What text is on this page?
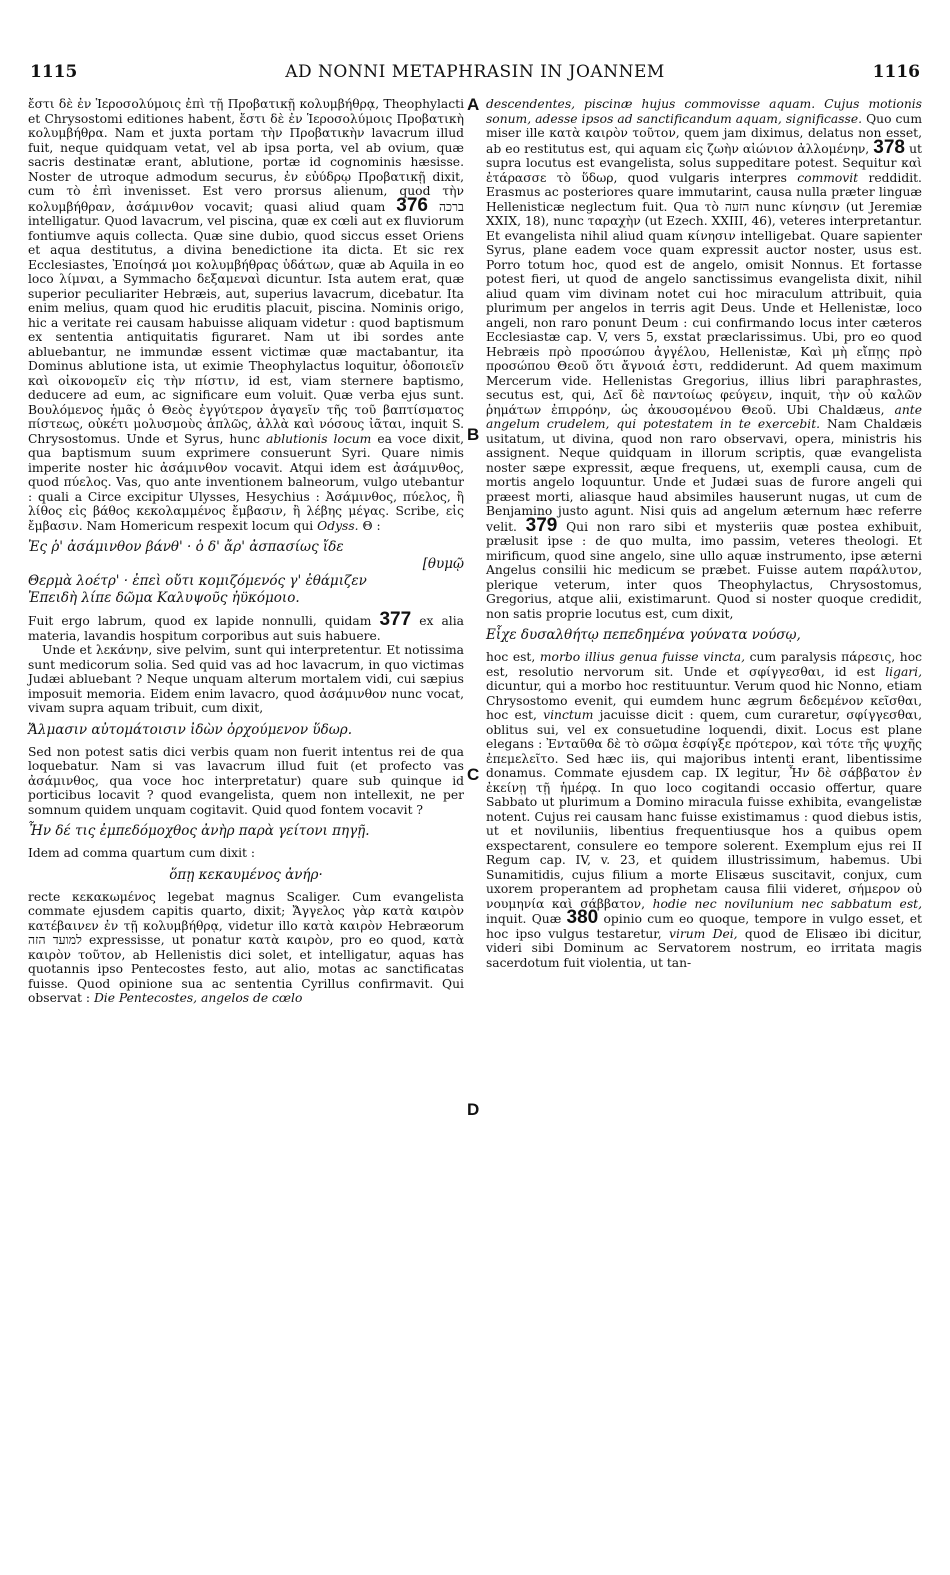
1115	AD NONNI METAPHRASIN IN JOANNEM	1116
A
B
C
D

ἔστι δὲ ἐν Ἱεροσολύμοις ἐπὶ τῇ Προβατικῇ κολυμβήθρᾳ, Theophylacti et Chrysostomi editiones habent, ἔστι δὲ ἐν Ἱεροσολύμοις Προβατικὴ κολυμβήθρα. Nam et juxta portam τὴν Προβατικὴν lavacrum illud fuit, neque quidquam vetat, vel ab ipsa porta, vel ab ovium, quæ sacris destinatæ erant, ablutione, portæ id cognominis hæsisse. Noster de utroque admodum securus, ἐν εὐύδρῳ Προβατικῇ dixit, cum τὸ ἐπὶ invenisset. Est vero prorsus alienum, quod τὴν κολυμβήθραν, ἀσάμινθον vocavit; quasi aliud quam ברכה 376 intelligatur. Quod lavacrum, vel piscina, quæ ex cœli aut ex fluviorum fontiumve aquis collecta. Quæ sine dubio, quod siccus esset Oriens et aqua destitutus, a divina benedictione ita dicta. Et sic rex Ecclesiastes, Ἐποίησά μοι κολυμβήθρας ὑδάτων, quæ ab Aquila in eo loco λίμναι, a Symmacho δεξαμεναὶ dicuntur. Ista autem erat, quæ superior peculiariter Hebræis, aut, superius lavacrum, dicebatur. Ita enim melius, quam quod hic eruditis placuit, piscina. Nominis origo, hic a veritate rei causam habuisse aliquam videtur : quod baptismum ex sententia antiquitatis figuraret. Nam ut ibi sordes ante abluebantur, ne immundæ essent victimæ quæ mactabantur, ita Dominus ablutione ista, ut eximie Theophylactus loquitur, ὁδοποιεῖν καὶ οἰκονομεῖν εἰς τὴν πίστιν, id est, viam sternere baptismo, deducere ad eum, ac significare eum voluit. Quæ verba ejus sunt. Βουλόμενος ἡμᾶς ὁ Θεὸς ἐγγύτερον ἀγαγεῖν τῆς τοῦ βαπτίσματος πίστεως, οὐκέτι μολυσμοὺς ἁπλῶς, ἀλλὰ καὶ νόσους ἰᾶται, inquit S. Chrysostomus. Unde et Syrus, hunc ablutionis locum ea voce dixit, qua baptismum suum exprimere consuerunt Syri. Quare nimis imperite noster hic ἀσάμινθον vocavit. Atqui idem est ἀσάμινθος, quod πύελος. Vas, quo ante inventionem balneorum, vulgo utebantur : quali a Circe excipitur Ulysses, Hesychius : Ἀσάμινθος, πύελος, ἢ λίθος εἰς βάθος κεκολαμμένος ἔμβασιν, ἢ λέβης μέγας. Scribe, εἰς ἔμβασιν. Nam Homericum respexit locum qui Odyss. Θ :

Ἐς ῥ' ἀσάμινθον βάνθ' · ὁ δ' ἄρ' ἀσπασίως ἴδε
[θυμῷ
Θερμὰ λοέτρ' · ἐπεὶ οὔτι κομιζόμενός γ' ἐθάμιζεν
Ἐπειδὴ λίπε δῶμα Καλυψοῦς ἠϋκόμοιο.

Fuit ergo labrum, quod ex lapide nonnulli, quidam 377 ex alia materia, lavandis hospitum corporibus aut suis habuere.

Unde et λεκάνην, sive pelvim, sunt qui interpretentur. Et notissima sunt medicorum solia. Sed quid vas ad hoc lavacrum, in quo victimas Judæi abluebant ? Neque unquam alterum mortalem vidi, cui sæpius imposuit memoria. Eidem enim lavacro, quod ἀσάμινθον nunc vocat, vivam supra aquam tribuit, cum dixit,

Ἄλμασιν αὐτομάτοισιν ἰδὼν ὀρχούμενον ὕδωρ.

Sed non potest satis dici verbis quam non fuerit intentus rei de qua loquebatur. Nam si vas lavacrum illud fuit (et profecto vas ἀσάμινθος, qua voce hoc interpretatur) quare sub quinque id porticibus locavit ? quod evangelista, quem non intellexit, ne per somnum quidem unquam cogitavit. Quid quod fontem vocavit ?

Ἦν δέ τις ἐμπεδόμοχθος ἀνὴρ παρὰ γείτονι πηγῇ.

Idem ad comma quartum cum dixit :

ὅπῃ κεκαυμένος ἀνήρ·

recte κεκακωμένος legebat magnus Scaliger. Cum evangelista commate ejusdem capitis quarto, dixit; Ἄγγελος γὰρ κατὰ καιρὸν κατέβαινεν ἐν τῇ κολυμβήθρᾳ, videtur illo κατὰ καιρὸν Hebræorum למועד הזה expressisse, ut ponatur κατὰ καιρὸν, pro eo quod, κατὰ καιρὸν τοῦτον, ab Hellenistis dici solet, et intelligatur, aquas has quotannis ipso Pentecostes festo, aut alio, motas ac sanctificatas fuisse. Quod opinione sua ac sententia Cyrillus confirmavit. Qui observat : Die Pentecostes, angelos de cœlo

descendentes, piscinæ hujus commovisse aquam. Cujus motionis sonum, adesse ipsos ad sanctificandum aquam, significasse. Quo cum miser ille κατὰ καιρὸν τοῦτον, quem jam diximus, delatus non esset, ab eo restitutus est, qui aquam εἰς ζωὴν αἰώνιον ἀλλομένην, 378 ut supra locutus est evangelista, solus suppeditare potest. Sequitur καὶ ἐτάρασσε τὸ ὕδωρ, quod vulgaris interpres commovit reddidit. Erasmus ac posteriores quare immutarint, causa nulla præter linguæ Hellenisticæ neglectum fuit. Qua τὸ הזעה nunc κίνησιν (ut Jeremiæ XXIX, 18), nunc ταραχὴν (ut Ezech. XXIII, 46), veteres interpretantur. Et evangelista nihil aliud quam κίνησιν intelligebat. Quare sapienter Syrus, plane eadem voce quam expressit auctor noster, usus est. Porro totum hoc, quod est de angelo, omisit Nonnus. Et fortasse potest fieri, ut quod de angelo sanctissimus evangelista dixit, nihil aliud quam vim divinam notet cui hoc miraculum attribuit, quia plurimum per angelos in terris agit Deus. Unde et Hellenistæ, loco angeli, non raro ponunt Deum : cui confirmando locus inter cæteros Ecclesiastæ cap. V, vers 5, exstat præclarissimus. Ubi, pro eo quod Hebræis πρὸ προσώπου ἀγγέλου, Hellenistæ, Καὶ μὴ εἴπῃς πρὸ προσώπου Θεοῦ ὅτι ἄγνοιά ἐστι, reddiderunt. Ad quem maximum Mercerum vide. Hellenistas Gregorius, illius libri paraphrastes, secutus est, qui, Δεῖ δὲ παντοίως φεύγειν, inquit, τὴν οὐ καλῶν ῥημάτων ἐπιρρόην, ὡς ἀκουσομένου Θεοῦ. Ubi Chaldæus, ante angelum crudelem, qui potestatem in te exercebit. Nam Chaldæis usitatum, ut divina, quod non raro observavi, opera, ministris his assignent. Neque quidquam in illorum scriptis, quæ evangelista noster sæpe expressit, æque frequens, ut, exempli causa, cum de mortis angelo loquuntur. Unde et Judæi suas de furore angeli qui præest morti, aliasque haud absimiles hauserunt nugas, ut cum de Benjamino justo agunt. Nisi quis ad angelum æternum hæc referre velit. 379 Qui non raro sibi et mysteriis quæ postea exhibuit, prælusit ipse : de quo multa, imo passim, veteres theologi. Et mirificum, quod sine angelo, sine ullo aquæ instrumento, ipse æterni Angelus consilii hic medicum se præbet. Fuisse autem παράλυτον, plerique veterum, inter quos Theophylactus, Chrysostomus, Gregorius, atque alii, existimarunt. Quod si noster quoque credidit, non satis proprie locutus est, cum dixit,

Εἶχε δυσαλθήτῳ πεπεδημένα γούνατα νούσῳ,

hoc est, morbo illius genua fuisse vincta, cum paralysis πάρεσις, hoc est, resolutio nervorum sit. Unde et σφίγγεσθαι, id est ligari, dicuntur, qui a morbo hoc restituuntur. Verum quod hic Nonno, etiam Chrysostomo evenit, qui eumdem hunc ægrum δεδεμένον κεῖσθαι, hoc est, vinctum jacuisse dicit : quem, cum curaretur, σφίγγεσθαι, oblitus sui, vel ex consuetudine loquendi, dixit. Locus est plane elegans : Ἐνταῦθα δὲ τὸ σῶμα ἐσφίγξε πρότερον, καὶ τότε τῆς ψυχῆς ἐπεμελεῖτο. Sed hæc iis, qui majoribus intenti erant, libentissime donamus. Commate ejusdem cap. IX legitur, Ἦν δὲ σάββατον ἐν ἐκείνῃ τῇ ἡμέρᾳ. In quo loco cogitandi occasio offertur, quare Sabbato ut plurimum a Domino miracula fuisse exhibita, evangelistæ notent. Cujus rei causam hanc fuisse existimamus : quod diebus istis, ut et noviluniis, libentius frequentiusque hos a quibus opem exspectarent, consulere eo tempore solerent. Exemplum ejus rei II Regum cap. IV, v. 23, et quidem illustrissimum, habemus. Ubi Sunamitidis, cujus filium a morte Elisæus suscitavit, conjux, cum uxorem properantem ad prophetam causa filii videret, σήμερον οὐ νουμηνία καὶ σάββατον, hodie nec novilunium nec sabbatum est, inquit. Quæ 380 opinio cum eo quoque, tempore in vulgo esset, et hoc ipso vulgus testaretur, virum Dei, quod de Elisæo ibi dicitur, videri sibi Dominum ac Servatorem nostrum, eo irritata magis sacerdotum fuit violentia, ut tan-
